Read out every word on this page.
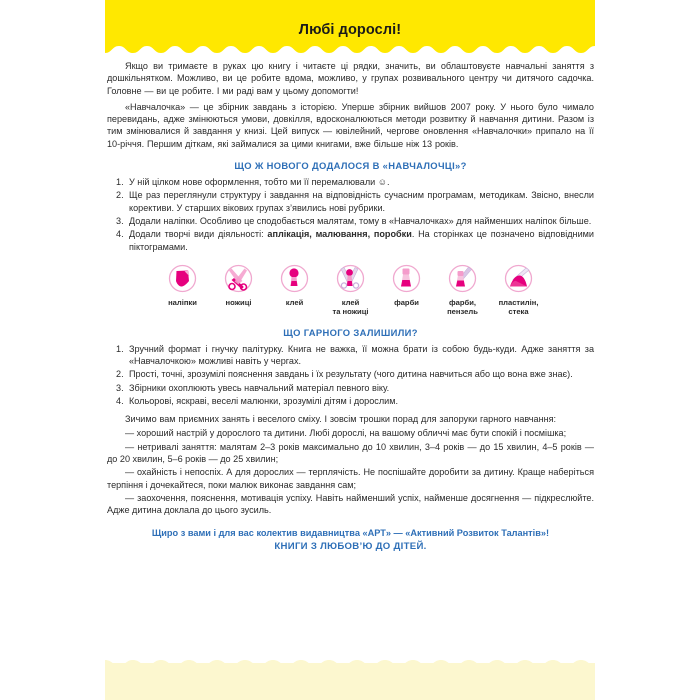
Любі дорослі!

Якщо ви тримаєте в руках цю книгу і читаєте ці рядки, значить, ви облаштовуєте навчальні заняття з дошкільнятком. Можливо, ви це робите вдома, можливо, у групах розвивального центру чи дитячого садочка. Головне — ви це робите. І ми раді вам у цьому допомогти!

«Навчалочка» — це збірник завдань з історією. Уперше збірник вийшов 2007 року. У нього було чимало перевидань, адже змінюються умови, довкілля, вдосконалюються методи розвитку й навчання дитини. Разом із тим змінювалися й завдання у книзі. Цей випуск — ювілейний, чергове оновлення «Навчалочки» припало на її 10-річчя. Першим діткам, які займалися за цими книгами, вже більше ніж 13 років.

ЩО Ж НОВОГО ДОДАЛОСЯ В «НАВЧАЛОЧЦІ»?
У ній цілком нове оформлення, тобто ми її перемалювали ☺.
Ще раз переглянули структуру і завдання на відповідність сучасним програмам, методикам. Звісно, внесли корективи. У старших вікових групах з’явились нові рубрики.
Додали наліпки. Особливо це сподобається малятам, тому в «Навчалочках» для найменших наліпок більше.
Додали творчі види діяльності: аплікація, малювання, поробки. На сторінках це позначено відповідними піктограмами.
наліпки	ножиці	клей	клей
та ножиці
фарби	фарби,
пензель
пластилін,
стека
ЩО ГАРНОГО ЗАЛИШИЛИ?
Зручний формат і гнучку палітурку. Книга не важка, її можна брати із собою будь-куди. Адже заняття за «Навчалочкою» можливі навіть у чергах.
Прості, точні, зрозумілі пояснення завдань і їх результату (чого дитина навчиться або що вона вже знає).
Збірники охоплюють увесь навчальний матеріал певного віку.
Кольорові, яскраві, веселі малюнки, зрозумілі дітям і дорослим.

Зичимо вам приємних занять і веселого сміху. І зовсім трошки порад для запоруки гарного навчання:

— хороший настрій у дорослого та дитини. Любі дорослі, на вашому обличчі має бути спокій і посмішка;

— нетривалі заняття: малятам 2–3 років максимально до 10 хвилин, 3–4 років — до 15 хвилин, 4–5 років — до 20 хвилин, 5–6 років — до 25 хвилин;

— охайність і непоспіх. А для дорослих — терплячість. Не поспішайте доробити за дитину. Краще наберіться терпіння і дочекайтеся, поки малюк виконає завдання сам;

— заохочення, пояснення, мотивація успіху. Навіть найменший успіх, найменше досягнення — підкреслюйте. Адже дитина доклала до цього зусиль.

Щиро з вами і для вас колектив видавництва «АРТ» — «Активний Розвиток Талантів»!
КНИГИ З ЛЮБОВ’Ю ДО ДІТЕЙ.
